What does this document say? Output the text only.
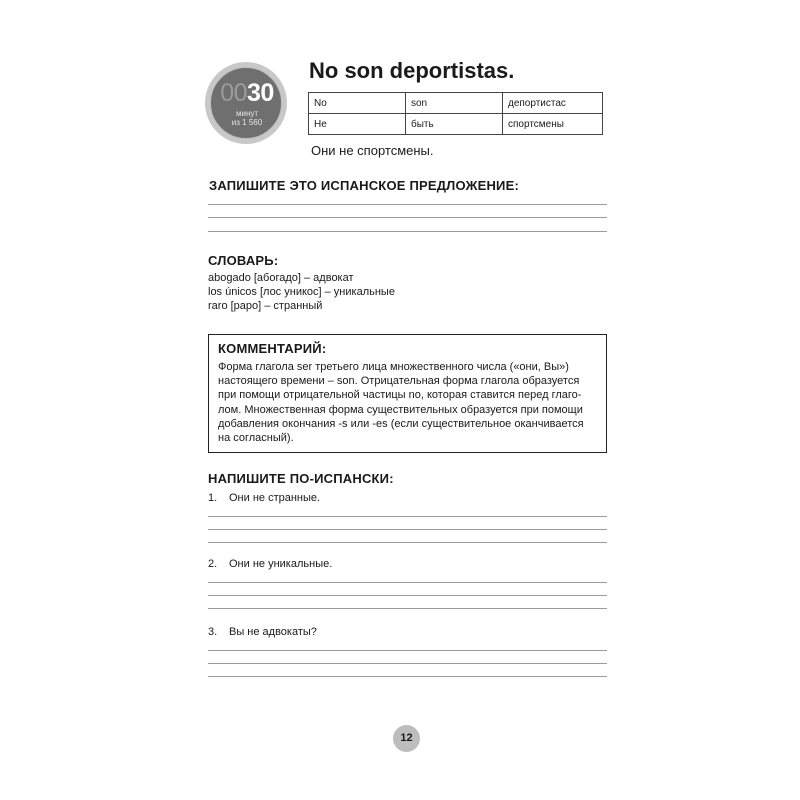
0030
минут
из 1 560
No son deportistas.
No	son	депортистас
Не	быть	спортсмены
Они не спортсмены.
ЗАПИШИТЕ ЭТО ИСПАНСКОЕ ПРЕДЛОЖЕНИЕ:
СЛОВАРЬ:
abogado [абогадо] – адвокат
los únicos [лос уникос] – уникальные
raro [раро] – странный
КОММЕНТАРИЙ:
Форма глагола ser третьего лица множественного числа («они, Вы»)
настоящего времени – son. Отрицательная форма глагола образуется
при помощи отрицательной частицы no, которая ставится перед глаго-
лом. Множественная форма существительных образуется при помощи
добавления окончания -s или -es (если существительное оканчивается
на согласный).
НАПИШИТЕ ПО-ИСПАНСКИ:
1. Они не странные.
2. Они не уникальные.
3. Вы не адвокаты?
12
